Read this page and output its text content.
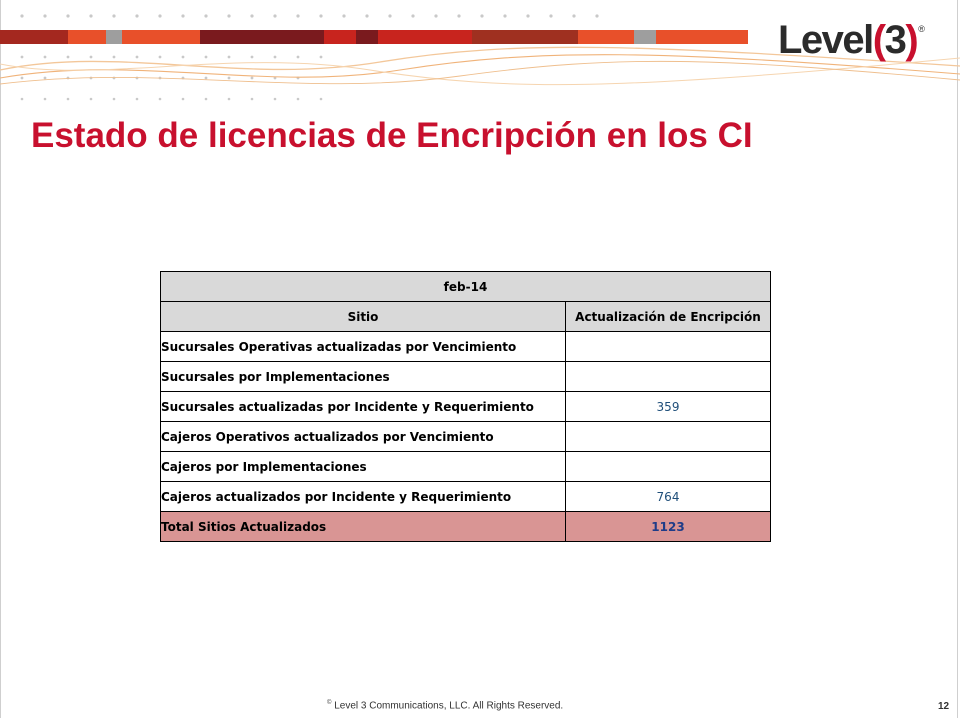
Level(3) ®
Estado de licencias de Encripción en los CI
feb-14	
Sitio	Actualización de Encripción
Sucursales Operativas actualizadas por Vencimiento	
Sucursales por Implementaciones	
Sucursales actualizadas por Incidente y Requerimiento	359
Cajeros Operativos actualizados por Vencimiento	
Cajeros por Implementaciones	
Cajeros actualizados por Incidente y Requerimiento	764
Total Sitios Actualizados	1123
© Level 3 Communications, LLC. All Rights Reserved.	12
